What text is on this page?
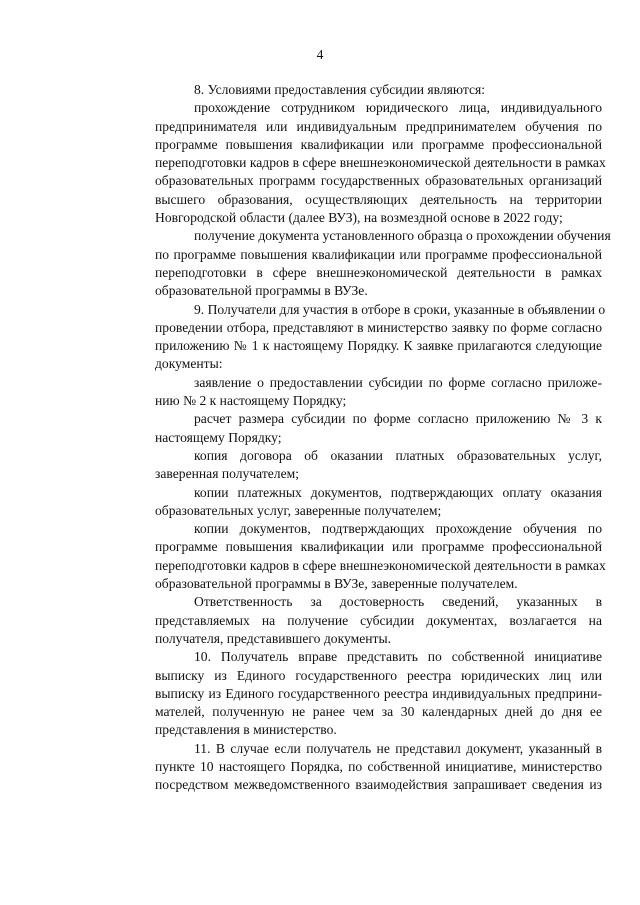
4
8. Условиями предоставления субсидии являются:
прохождение сотрудником юридического лица, индивидуального
предпринимателя или индивидуальным предпринимателем обучения по
программе повышения квалификации или программе профессиональной
переподготовки кадров в сфере внешнеэкономической деятельности в рамках
образовательных программ государственных образовательных организаций
высшего образования, осуществляющих деятельность на территории
Новгородской области (далее ВУЗ), на возмездной основе в 2022 году;
получение документа установленного образца о прохождении обучения
по программе повышения квалификации или программе профессиональной
переподготовки в сфере внешнеэкономической деятельности в рамках
образовательной программы в ВУЗе.
9. Получатели для участия в отборе в сроки, указанные в объявлении о
проведении отбора, представляют в министерство заявку по форме согласно
приложению № 1 к настоящему Порядку. К заявке прилагаются следующие
документы:
заявление о предоставлении субсидии по форме согласно приложе-
нию № 2 к настоящему Порядку;
расчет размера субсидии по форме согласно приложению № 3 к
настоящему Порядку;
копия договора об оказании платных образовательных услуг,
заверенная получателем;
копии платежных документов, подтверждающих оплату оказания
образовательных услуг, заверенные получателем;
копии документов, подтверждающих прохождение обучения по
программе повышения квалификации или программе профессиональной
переподготовки кадров в сфере внешнеэкономической деятельности в рамках
образовательной программы в ВУЗе, заверенные получателем.
Ответственность за достоверность сведений, указанных в
представляемых на получение субсидии документах, возлагается на
получателя, представившего документы.
10. Получатель вправе представить по собственной инициативе
выписку из Единого государственного реестра юридических лиц или
выписку из Единого государственного реестра индивидуальных предприни-
мателей, полученную не ранее чем за 30 календарных дней до дня ее
представления в министерство.
11. В случае если получатель не представил документ, указанный в
пункте 10 настоящего Порядка, по собственной инициативе, министерство
посредством межведомственного взаимодействия запрашивает сведения из
